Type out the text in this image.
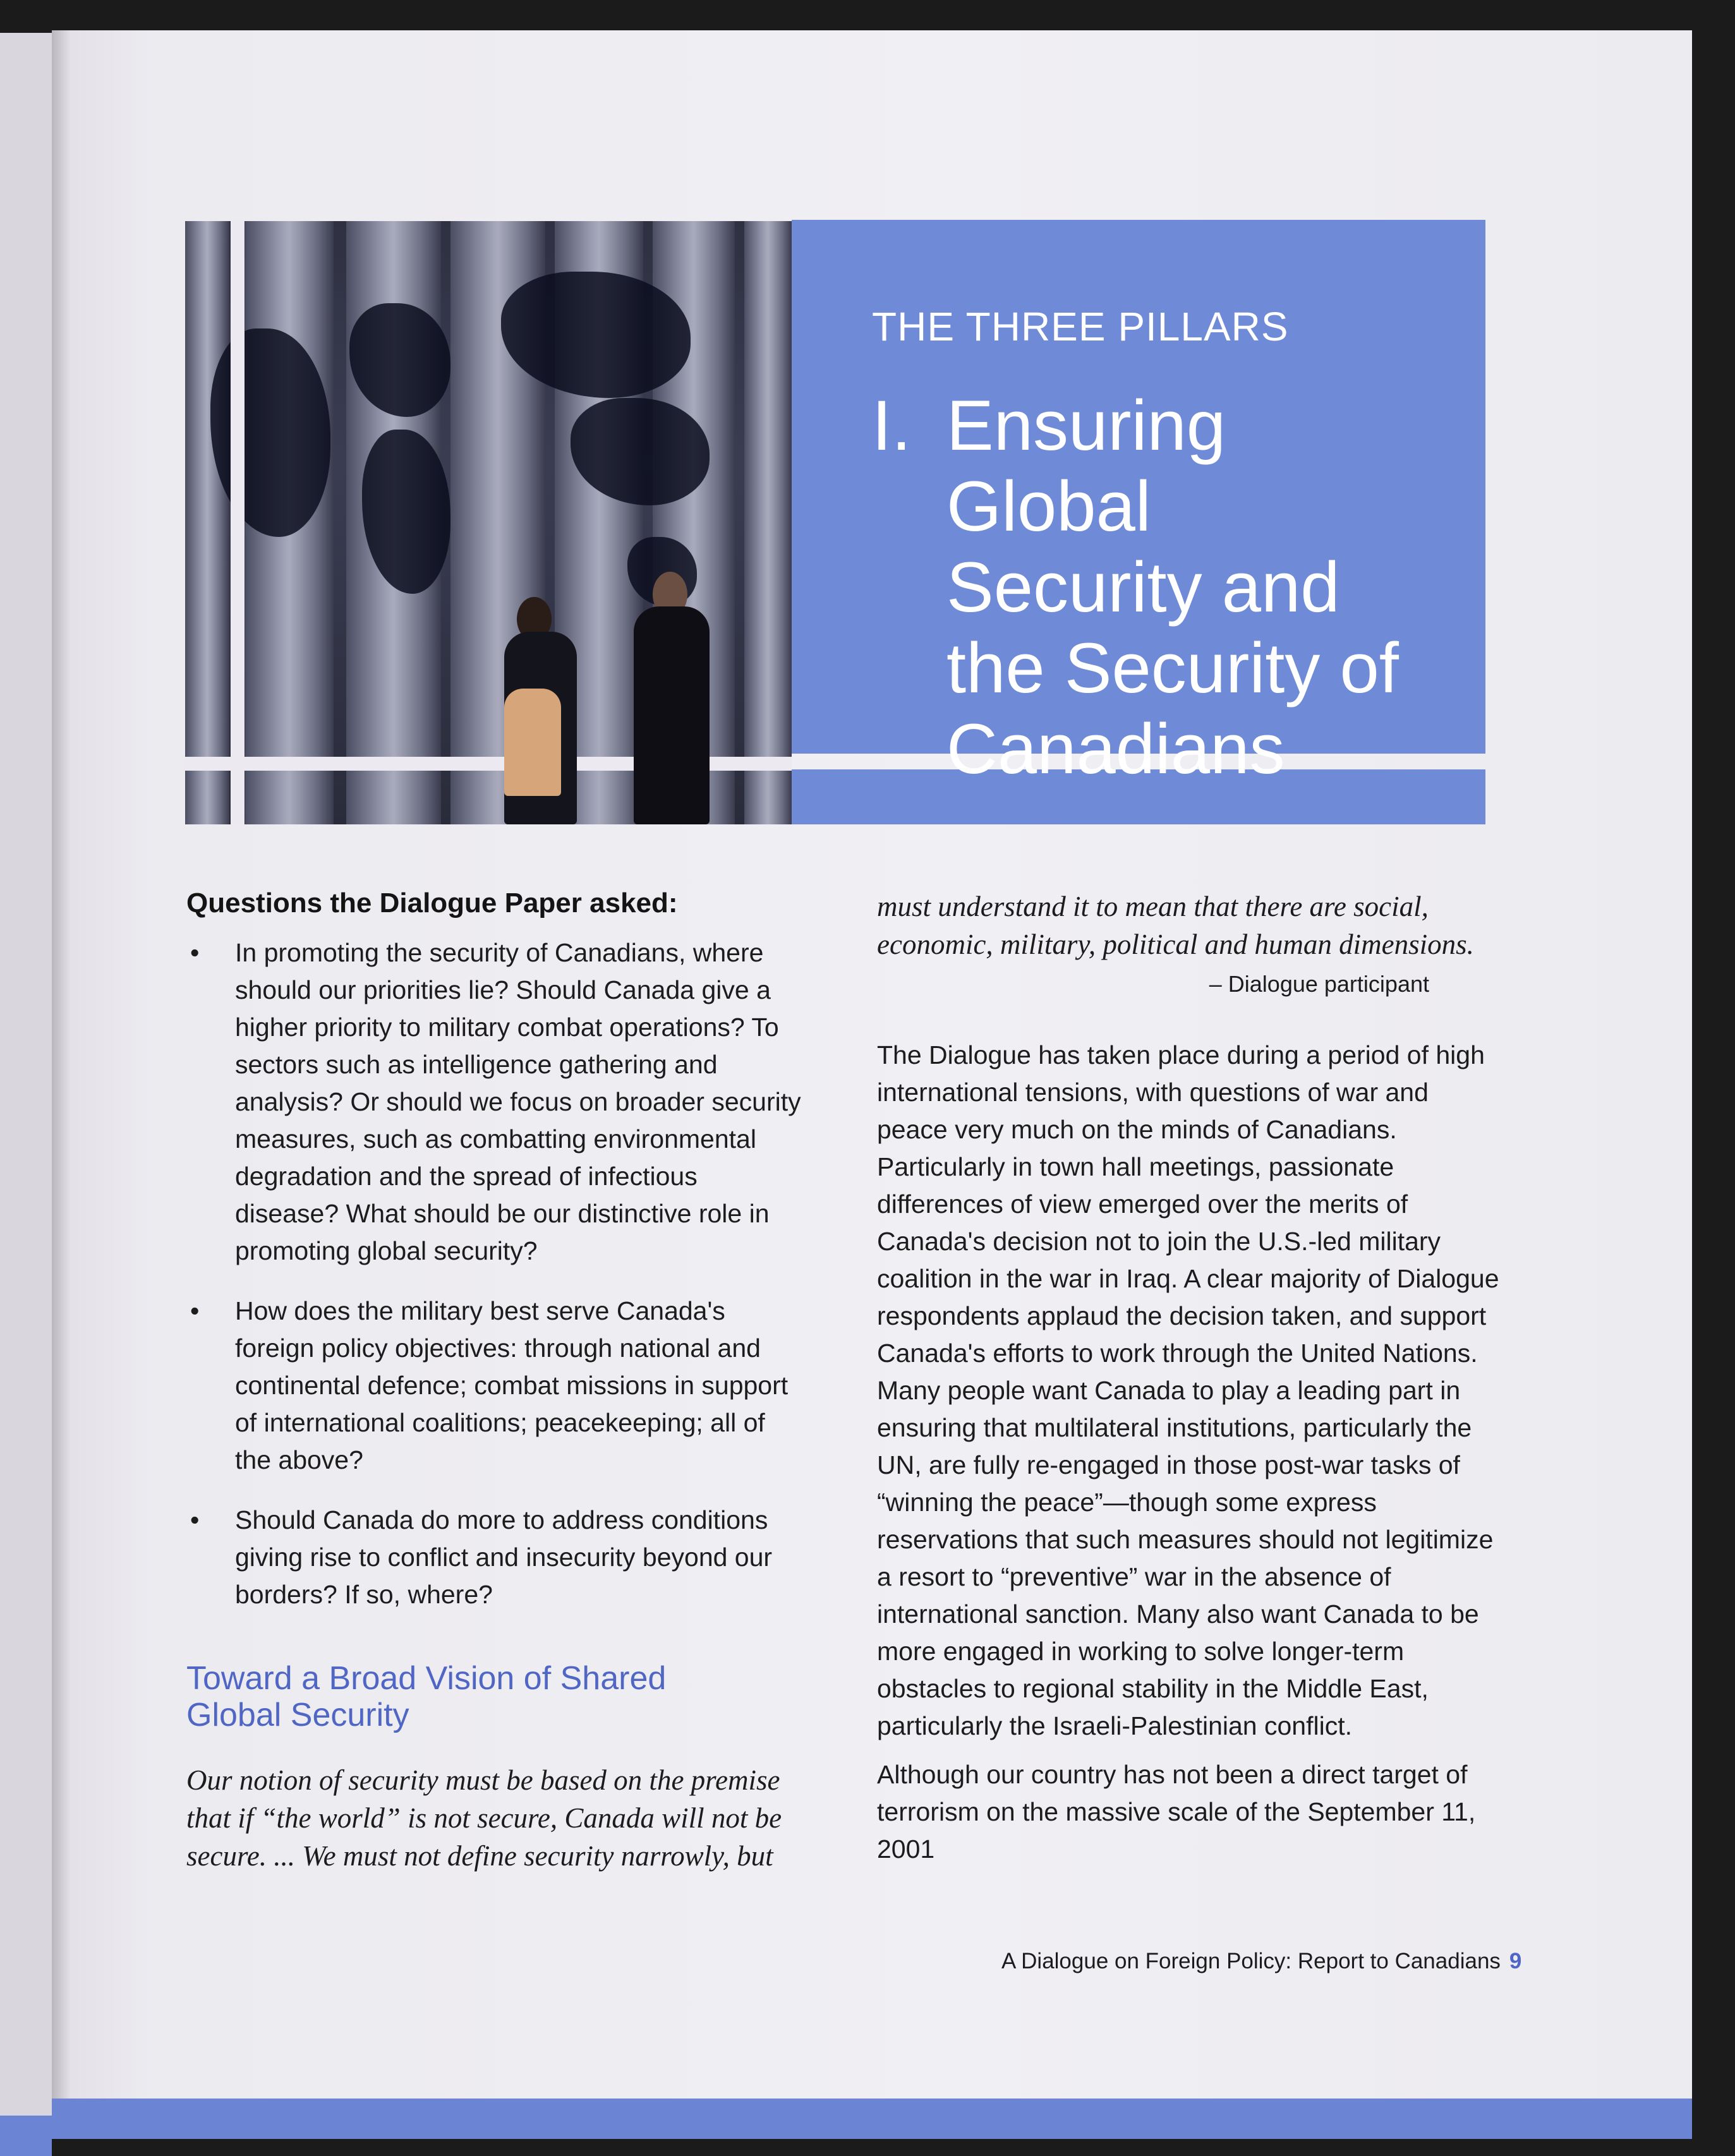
THE THREE PILLARS
I. Ensuring Global
Security and
the Security of
Canadians
Questions the Dialogue Paper asked:
• In promoting the security of Canadians, where should our priorities lie? Should Canada give a higher priority to military combat operations? To sectors such as intelligence gathering and analysis? Or should we focus on broader security measures, such as combatting environmental degradation and the spread of infectious disease? What should be our distinctive role in promoting global security?
• How does the military best serve Canada's foreign policy objectives: through national and continental defence; combat missions in support of international coalitions; peacekeeping; all of the above?
• Should Canada do more to address conditions giving rise to conflict and insecurity beyond our borders? If so, where?
Toward a Broad Vision of Shared Global Security

Our notion of security must be based on the premise that if “the world” is not secure, Canada will not be secure. ... We must not define security narrowly, but

must understand it to mean that there are social, economic, military, political and human dimensions.

– Dialogue participant

The Dialogue has taken place during a period of high international tensions, with questions of war and peace very much on the minds of Canadians. Particularly in town hall meetings, passionate differences of view emerged over the merits of Canada's decision not to join the U.S.-led military coalition in the war in Iraq. A clear majority of Dialogue respondents applaud the decision taken, and support Canada's efforts to work through the United Nations. Many people want Canada to play a leading part in ensuring that multilateral institutions, particularly the UN, are fully re-engaged in those post-war tasks of “winning the peace”—though some express reservations that such measures should not legitimize a resort to “preventive” war in the absence of international sanction. Many also want Canada to be more engaged in working to solve longer-term obstacles to regional stability in the Middle East, particularly the Israeli-Palestinian conflict.

Although our country has not been a direct target of terrorism on the massive scale of the September 11, 2001

A Dialogue on Foreign Policy: Report to Canadians 9
